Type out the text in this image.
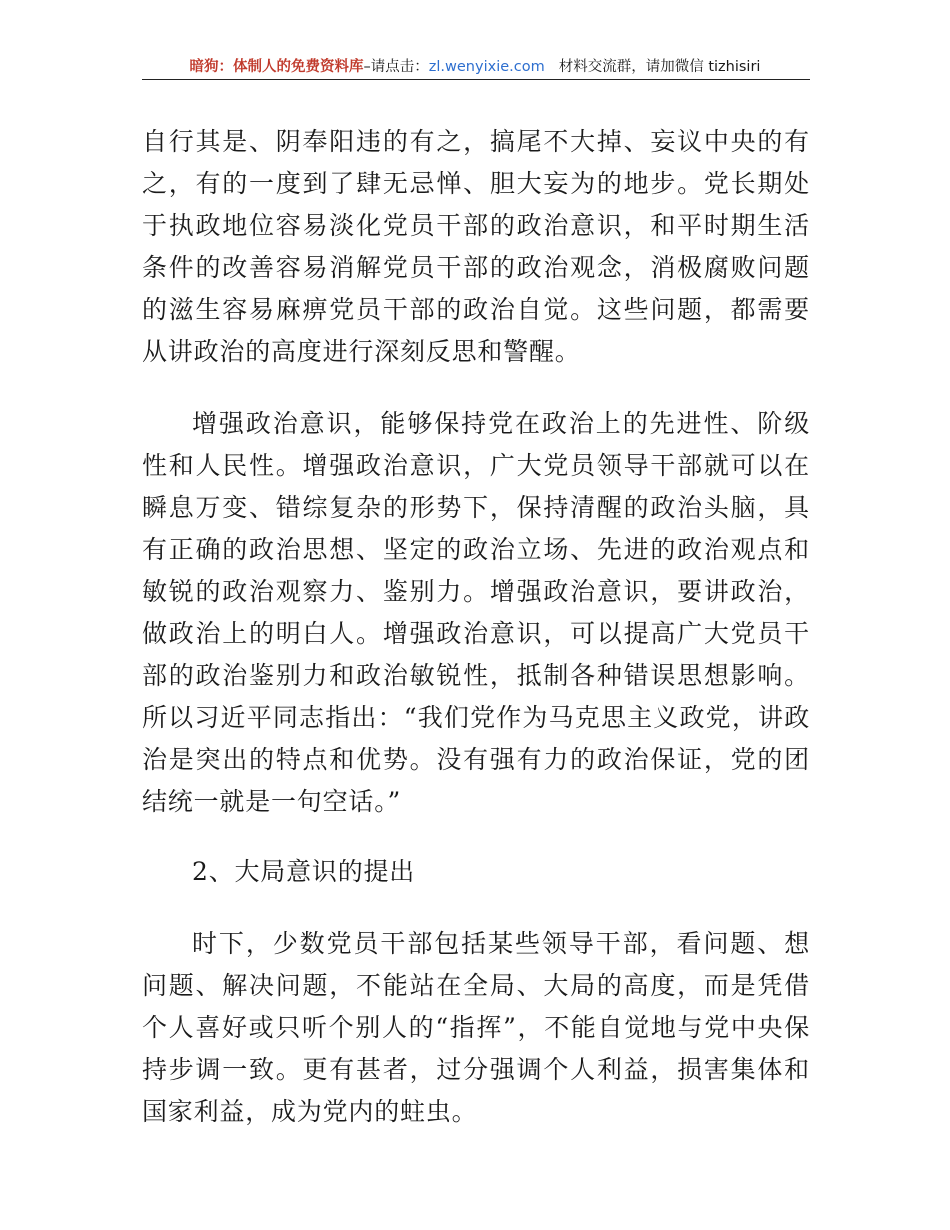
暗狗：体制人的免费资料库–请点击：zl.wenyixie.com 材料交流群，请加微信 tizhisiri

自行其是、阴奉阳违的有之，搞尾不大掉、妄议中央的有之，有的一度到了肆无忌惮、胆大妄为的地步。党长期处于执政地位容易淡化党员干部的政治意识，和平时期生活条件的改善容易消解党员干部的政治观念，消极腐败问题的滋生容易麻痹党员干部的政治自觉。这些问题，都需要从讲政治的高度进行深刻反思和警醒。

增强政治意识，能够保持党在政治上的先进性、阶级性和人民性。增强政治意识，广大党员领导干部就可以在瞬息万变、错综复杂的形势下，保持清醒的政治头脑，具有正确的政治思想、坚定的政治立场、先进的政治观点和敏锐的政治观察力、鉴别力。增强政治意识，要讲政治，做政治上的明白人。增强政治意识，可以提高广大党员干部的政治鉴别力和政治敏锐性，抵制各种错误思想影响。所以习近平同志指出：“我们党作为马克思主义政党，讲政治是突出的特点和优势。没有强有力的政治保证，党的团结统一就是一句空话。”

2、大局意识的提出

时下，少数党员干部包括某些领导干部，看问题、想问题、解决问题，不能站在全局、大局的高度，而是凭借个人喜好或只听个别人的“指挥”，不能自觉地与党中央保持步调一致。更有甚者，过分强调个人利益，损害集体和国家利益，成为党内的蛀虫。
